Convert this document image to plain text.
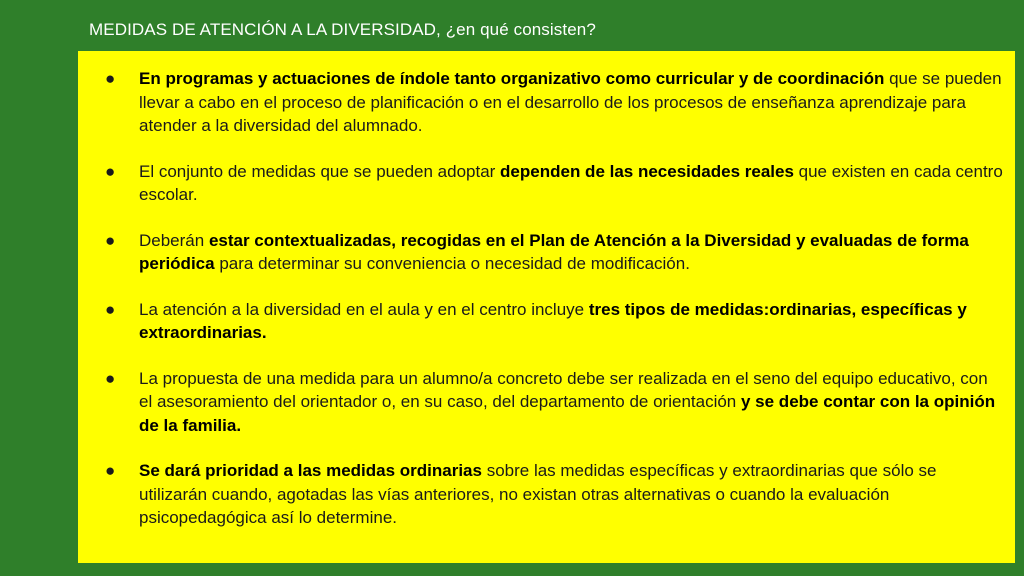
MEDIDAS DE ATENCIÓN A LA DIVERSIDAD, ¿en qué consisten?
● En programas y actuaciones de índole tanto organizativo como curricular y de coordinación que se pueden llevar a cabo en el proceso de planificación o en el desarrollo de los procesos de enseñanza aprendizaje para atender a la diversidad del alumnado.
● El conjunto de medidas que se pueden adoptar dependen de las necesidades reales que existen en cada centro escolar.
● Deberán estar contextualizadas, recogidas en el Plan de Atención a la Diversidad y evaluadas de forma periódica para determinar su conveniencia o necesidad de modificación.
● La atención a la diversidad en el aula y en el centro incluye tres tipos de medidas:ordinarias, específicas y extraordinarias.
● La propuesta de una medida para un alumno/a concreto debe ser realizada en el seno del equipo educativo, con el asesoramiento del orientador o, en su caso, del departamento de orientación y se debe contar con la opinión de la familia.
● Se dará prioridad a las medidas ordinarias sobre las medidas específicas y extraordinarias que sólo se utilizarán cuando, agotadas las vías anteriores, no existan otras alternativas o cuando la evaluación psicopedagógica así lo determine.
